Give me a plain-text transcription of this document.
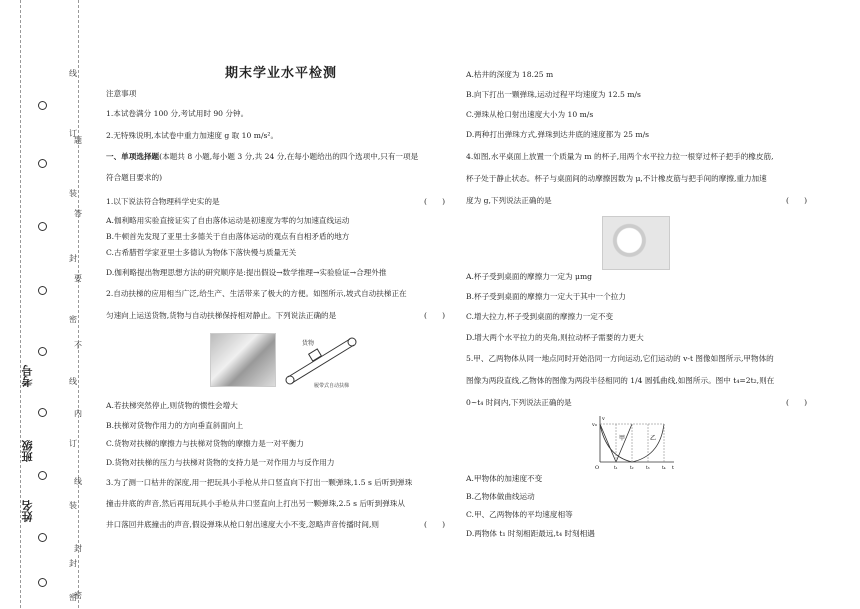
线
订
装
封
密
线
订
装
封
密
题
答
要
不
内
线
封
密
考号
班级
姓名
期末学业水平检测
注意事项
1.本试卷满分 100 分,考试用时 90 分钟。
2.无特殊说明,本试卷中重力加速度 g 取 10 m/s²。
一、单项选择题(本题共 8 小题,每小题 3 分,共 24 分,在每小题给出的四个选项中,只有一项是
符合题目要求的)
1.以下说法符合物理科学史实的是	(　　)
A.伽利略用实验直接证实了自由落体运动是初速度为零的匀加速直线运动
B.牛顿首先发现了亚里士多德关于自由落体运动的观点有自相矛盾的地方
C.古希腊哲学家亚里士多德认为物体下落快慢与质量无关
D.伽利略提出物理思想方法的研究顺序是:提出假设→数学推理→实验验证→合理外推
2.自动扶梯的应用相当广泛,给生产、生活带来了极大的方便。如图所示,坡式自动扶梯正在
匀速向上运送货物,货物与自动扶梯保持相对静止。下列说法正确的是	(　　)
货物
履带式自动扶梯
A.若扶梯突然停止,则货物的惯性会增大
B.扶梯对货物作用力的方向垂直斜面向上
C.货物对扶梯的摩擦力与扶梯对货物的摩擦力是一对平衡力
D.货物对扶梯的压力与扶梯对货物的支持力是一对作用力与反作用力
3.为了测一口枯井的深度,用一把玩具小手枪从井口竖直向下打出一颗弹珠,1.5 s 后听到弹珠
撞击井底的声音,然后再用玩具小手枪从井口竖直向上打出另一颗弹珠,2.5 s 后听到弹珠从
井口落回井底撞击的声音,假设弹珠从枪口射出速度大小不变,忽略声音传播时间,则	(　　)
A.枯井的深度为 18.25 m
B.向下打出一颗弹珠,运动过程平均速度为 12.5 m/s
C.弹珠从枪口射出速度大小为 10 m/s
D.两种打出弹珠方式,弹珠到达井底的速度都为 25 m/s
4.如图,水平桌面上放置一个质量为 m 的杯子,用两个水平拉力拉一根穿过杯子把手的橡皮筋,
杯子处于静止状态。杯子与桌面间的动摩擦因数为 μ,不计橡皮筋与把手间的摩擦,重力加速
度为 g,下列说法正确的是	(　　)
A.杯子受到桌面的摩擦力一定为 μmg
B.杯子受到桌面的摩擦力一定大于其中一个拉力
C.增大拉力,杯子受到桌面的摩擦力一定不变
D.增大两个水平拉力的夹角,则拉动杯子需要的力更大
5.甲、乙两物体从同一地点同时开始沿同一方向运动,它们运动的 v-t 图像如图所示,甲物体的
图像为两段直线,乙物体的图像为两段半径相同的 1/4 圆弧曲线,如图所示。图中 t₄=2t₂,则在
0~t₄ 时间内,下列说法正确的是	(　　)
v
v₀
t
O
甲	乙
t₁	t₂	t₃	t₄
A.甲物体的加速度不变
B.乙物体做曲线运动
C.甲、乙两物体的平均速度相等
D.两物体 t₁ 时刻相距最远,t₄ 时刻相遇
